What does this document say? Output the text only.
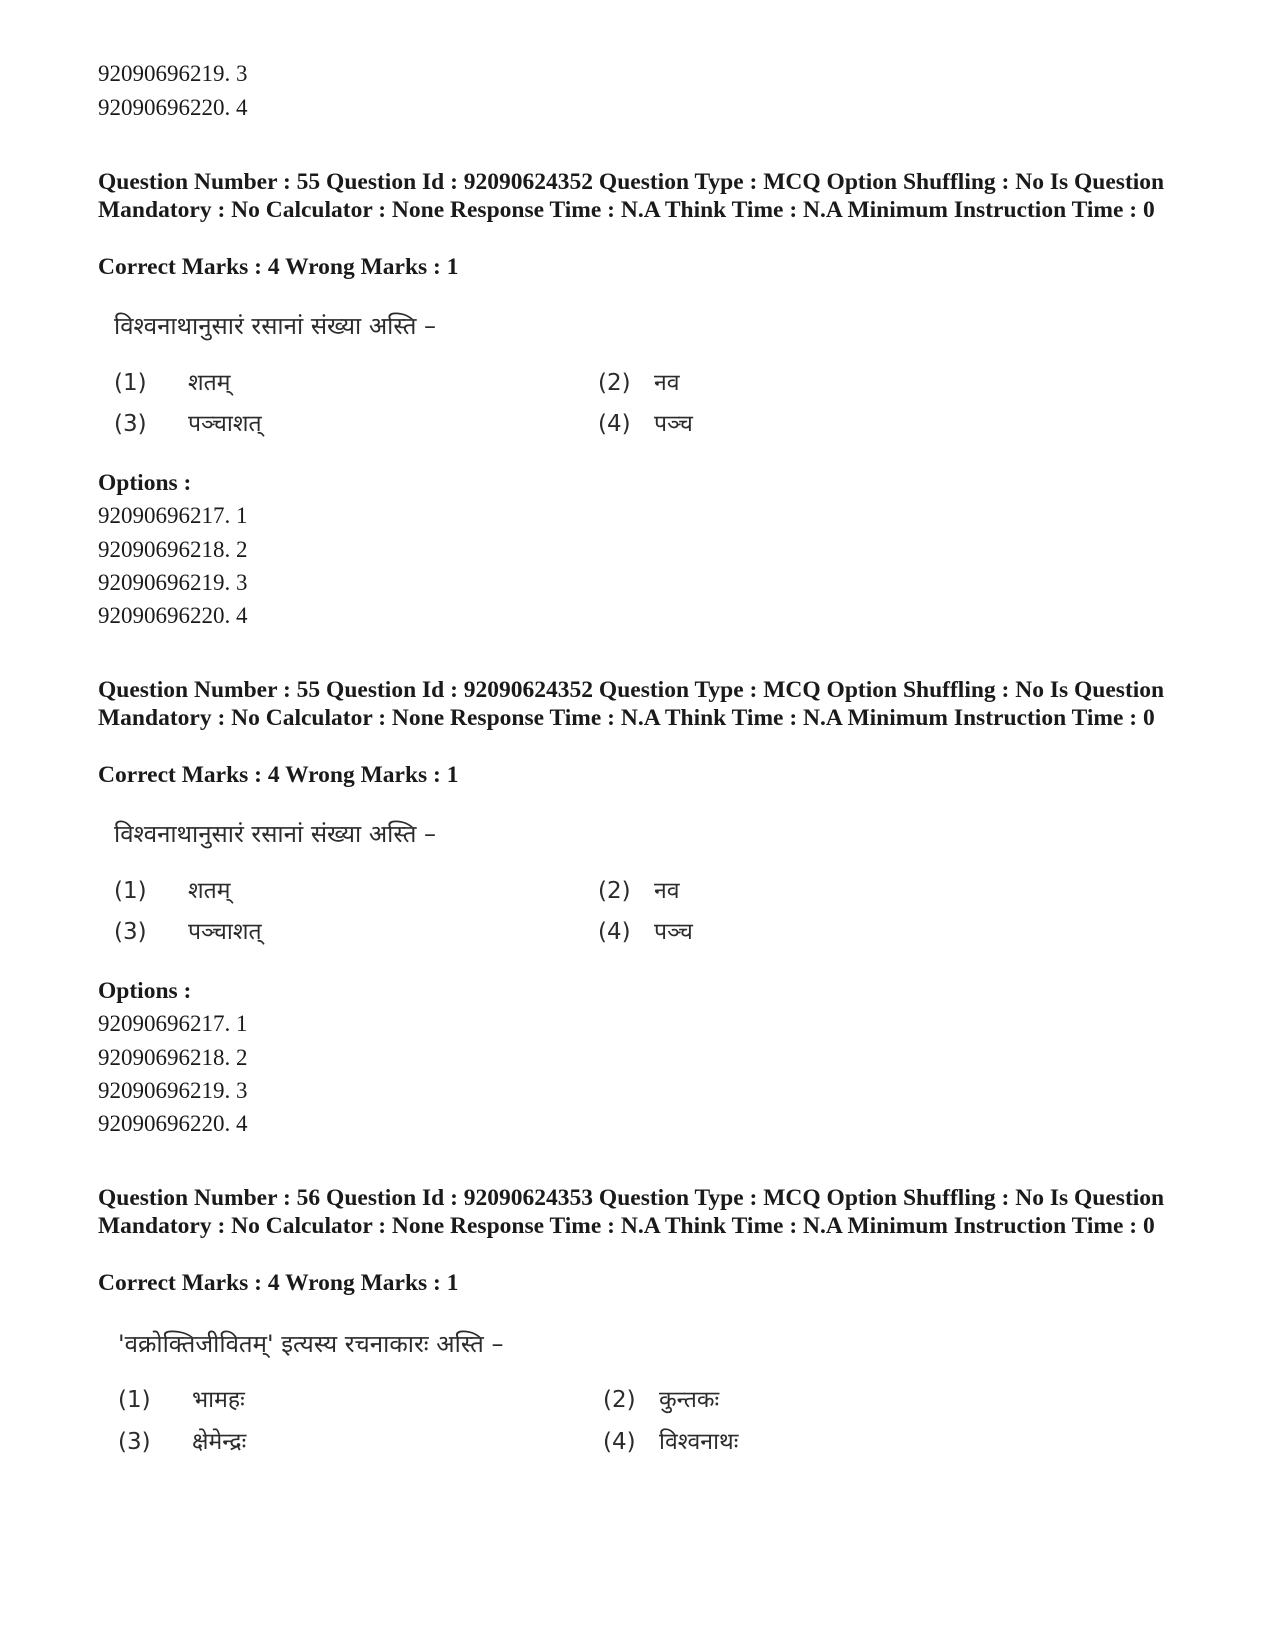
92090696219. 3
92090696220. 4
Question Number : 55 Question Id : 92090624352 Question Type : MCQ Option Shuffling : No Is Question Mandatory : No Calculator : None Response Time : N.A Think Time : N.A Minimum Instruction Time : 0
Correct Marks : 4 Wrong Marks : 1
विश्वनाथानुसारं रसानां संख्या अस्ति –
(1) शतम्	(2) नव
(3) पञ्चाशत्	(4) पञ्च
Options :
92090696217. 1
92090696218. 2
92090696219. 3
92090696220. 4
Question Number : 55 Question Id : 92090624352 Question Type : MCQ Option Shuffling : No Is Question Mandatory : No Calculator : None Response Time : N.A Think Time : N.A Minimum Instruction Time : 0
Correct Marks : 4 Wrong Marks : 1
विश्वनाथानुसारं रसानां संख्या अस्ति –
(1) शतम्	(2) नव
(3) पञ्चाशत्	(4) पञ्च
Options :
92090696217. 1
92090696218. 2
92090696219. 3
92090696220. 4
Question Number : 56 Question Id : 92090624353 Question Type : MCQ Option Shuffling : No Is Question Mandatory : No Calculator : None Response Time : N.A Think Time : N.A Minimum Instruction Time : 0
Correct Marks : 4 Wrong Marks : 1
'वक्रोक्तिजीवितम्' इत्यस्य रचनाकारः अस्ति –
(1) भामहः	(2) कुन्तकः
(3) क्षेमेन्द्रः	(4) विश्वनाथः
